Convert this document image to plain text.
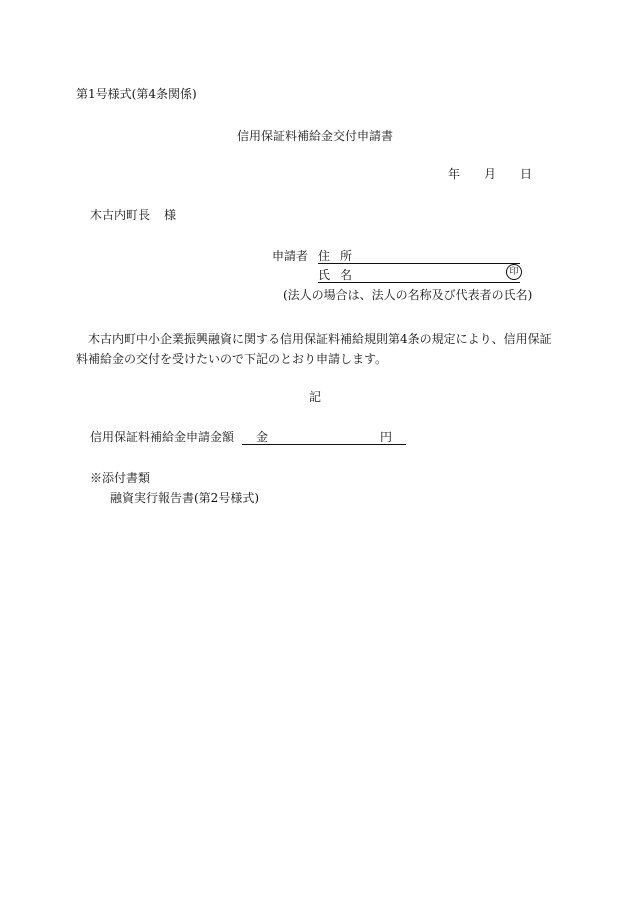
第1号様式(第4条関係)
信用保証料補給金交付申請書
年 月 日
木古内町長 様
申請者 住所
氏名	印
(法人の場合は、法人の名称及び代表者の氏名)
木古内町中小企業振興融資に関する信用保証料補給規則第4条の規定により、信用保証料補給金の交付を受けたいので下記のとおり申請します。
記
信用保証料補給金申請金額 金	円
※添付書類
融資実行報告書(第2号様式)
